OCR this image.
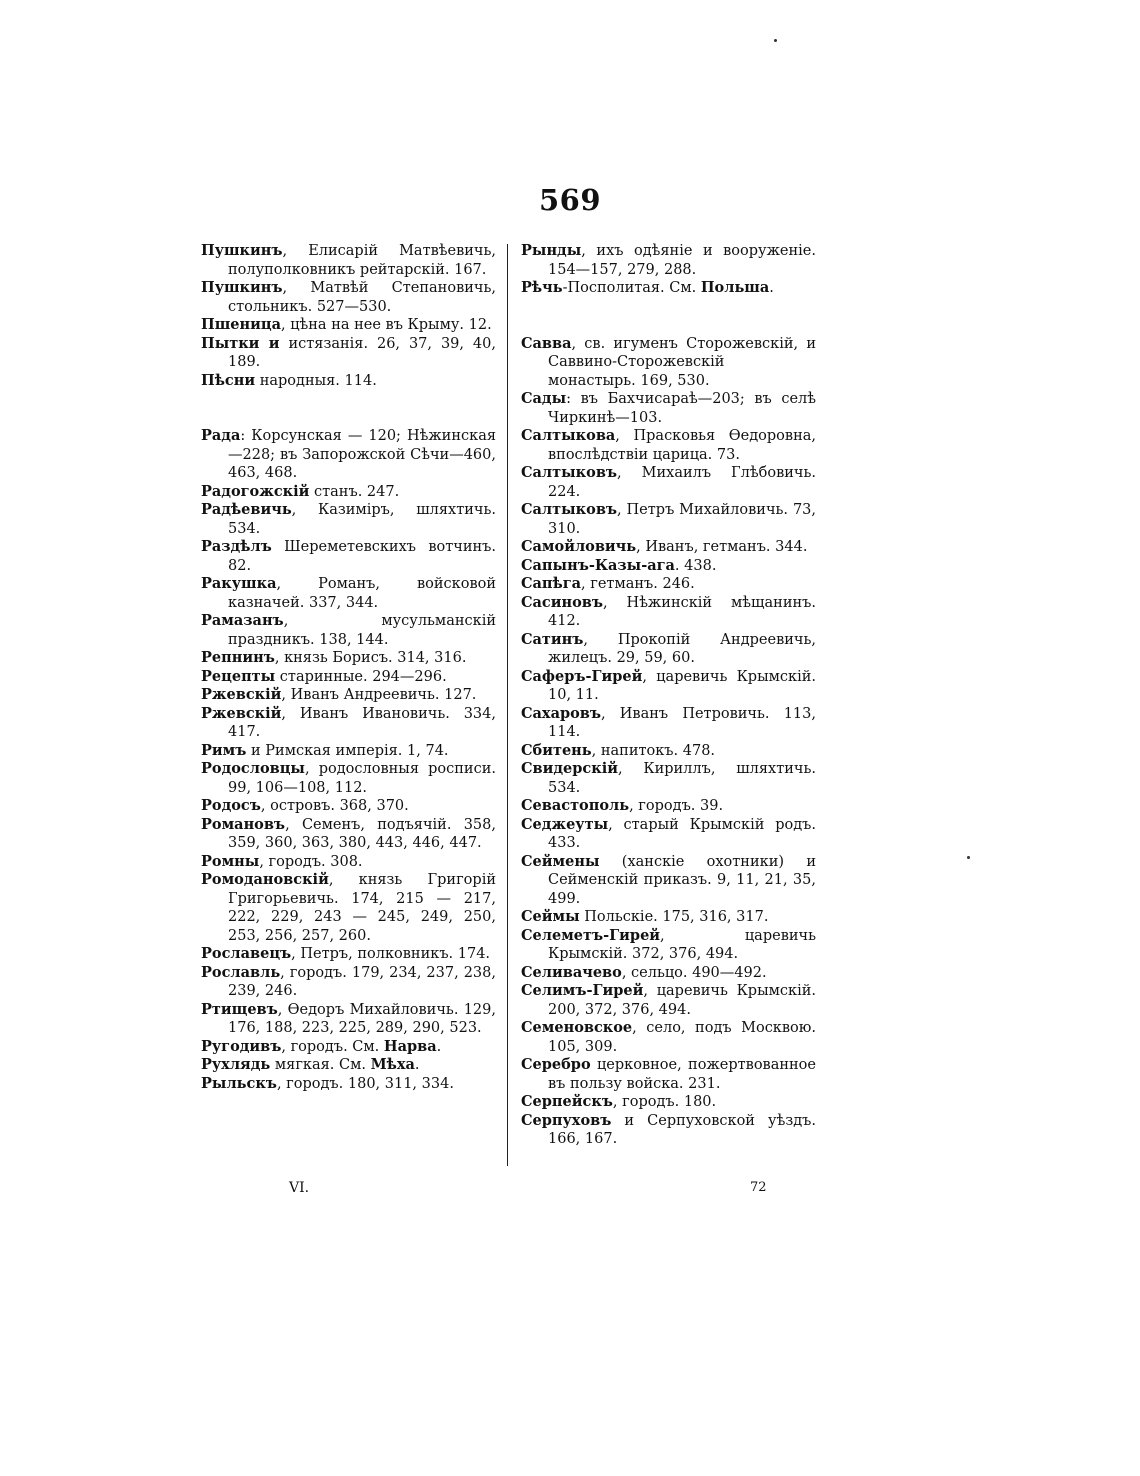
569
Пушкинъ, Елисарій Матвѣевичь, полуполковникъ рейтарскій. 167.
Пушкинъ, Матвѣй Степановичь, стольникъ. 527—530.
Пшеница, цѣна на нее въ Крыму. 12.
Пытки и истязанія. 26, 37, 39, 40, 189.
Пѣсни народныя. 114.
Рада: Корсунская — 120; Нѣжинская—228; въ Запорожской Сѣчи—460, 463, 468.
Радогожскій станъ. 247.
Радѣевичь, Казиміръ, шляхтичь. 534.
Раздѣлъ Шереметевскихъ вотчинъ. 82.
Ракушка, Романъ, войсковой казначей. 337, 344.
Рамазанъ, мусульманскій праздникъ. 138, 144.
Репнинъ, князь Борисъ. 314, 316.
Рецепты старинные. 294—296.
Ржевскій, Иванъ Андреевичь. 127.
Ржевскій, Иванъ Ивановичь. 334, 417.
Римъ и Римская имперія. 1, 74.
Родословцы, родословныя росписи. 99, 106—108, 112.
Родосъ, островъ. 368, 370.
Романовъ, Семенъ, подъячій. 358, 359, 360, 363, 380, 443, 446, 447.
Ромны, городъ. 308.
Ромодановскій, князь Григорій Григорьевичь. 174, 215 — 217, 222, 229, 243 — 245, 249, 250, 253, 256, 257, 260.
Рославецъ, Петръ, полковникъ. 174.
Рославль, городъ. 179, 234, 237, 238, 239, 246.
Ртищевъ, Ѳедоръ Михайловичь. 129, 176, 188, 223, 225, 289, 290, 523.
Ругодивъ, городъ. См. Нарва.
Рухлядь мягкая. См. Мѣха.
Рыльскъ, городъ. 180, 311, 334.
Рынды, ихъ одѣяніе и вооруженіе. 154—157, 279, 288.
Рѣчь-Посполитая. См. Польша.
Савва, св. игуменъ Сторожевскій, и Саввино-Сторожевскій монастырь. 169, 530.
Сады: въ Бахчисараѣ—203; въ селѣ Чиркинѣ—103.
Салтыкова, Прасковья Ѳедоровна, впослѣдствіи царица. 73.
Салтыковъ, Михаилъ Глѣбовичь. 224.
Салтыковъ, Петръ Михайловичь. 73, 310.
Самойловичь, Иванъ, гетманъ. 344.
Сапынъ-Казы-ага. 438.
Сапѣга, гетманъ. 246.
Сасиновъ, Нѣжинскій мѣщанинъ. 412.
Сатинъ, Прокопій Андреевичь, жилецъ. 29, 59, 60.
Саферъ-Гирей, царевичь Крымскій. 10, 11.
Сахаровъ, Иванъ Петровичь. 113, 114.
Сбитень, напитокъ. 478.
Свидерскій, Кириллъ, шляхтичь. 534.
Севастополь, городъ. 39.
Седжеуты, старый Крымскій родъ. 433.
Сеймены (ханскіе охотники) и Сейменскій приказъ. 9, 11, 21, 35, 499.
Сеймы Польскіе. 175, 316, 317.
Селеметъ-Гирей, царевичь Крымскій. 372, 376, 494.
Селивачево, сельцо. 490—492.
Селимъ-Гирей, царевичь Крымскій. 200, 372, 376, 494.
Семеновское, село, подъ Москвою. 105, 309.
Серебро церковное, пожертвованное въ пользу войска. 231.
Серпейскъ, городъ. 180.
Серпуховъ и Серпуховской уѣздъ. 166, 167.
VI.	72
